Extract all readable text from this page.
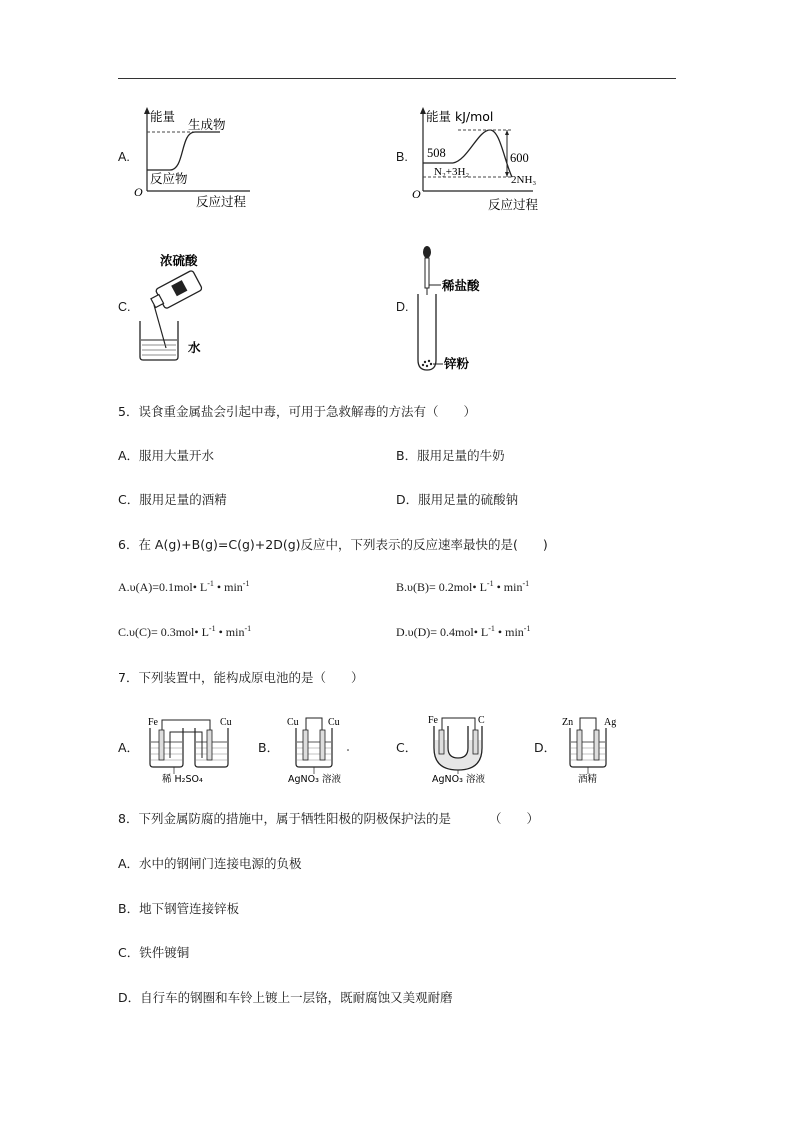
A.
能量
生成物
反应物
O
反应过程
B.
能量 kJ/mol
508	600
N₂+3H₂
2NH₃
O
反应过程
C.
浓硫酸
水
D.
稀盐酸
锌粉
5．误食重金属盐会引起中毒，可用于急救解毒的方法有（　　）
A．服用大量开水	B．服用足量的牛奶
C．服用足量的酒精	D．服用足量的硫酸钠
6．在 A(g)+B(g)=C(g)+2D(g)反应中，下列表示的反应速率最快的是(　　)
A.υ(A)=0.1mol• $L^{-1}$ • $\min^{-1}$	B.υ(B)= 0.2mol• $L^{-1}$ • $\min^{-1}$
C.υ(C)= 0.3mol• $L^{-1}$ • $\min^{-1}$	D.υ(D)= 0.4mol• $L^{-1}$ • $\min^{-1}$
7．下列装置中，能构成原电池的是（　　）
A．
Fe	Cu
稀 H₂SO₄
B．
Cu	Cu
AgNO₃ 溶液
C．
Fe	C
AgNO₃ 溶液
D．
Zn	Ag
酒精
8．下列金属防腐的措施中，属于牺牲阳极的阴极保护法的是	（　　）
A．水中的钢闸门连接电源的负极
B．地下钢管连接锌板
C．铁件镀铜
D．自行车的钢圈和车铃上镀上一层铬，既耐腐蚀又美观耐磨
